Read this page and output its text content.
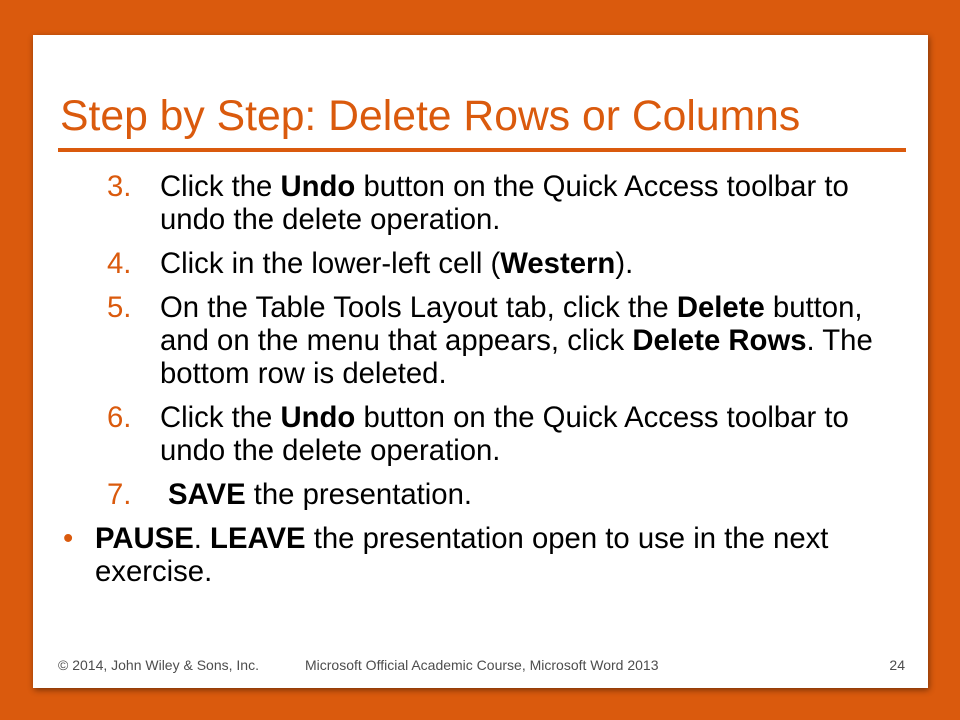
Step by Step: Delete Rows or Columns
3. Click the Undo button on the Quick Access toolbar to undo the delete operation.
4. Click in the lower-left cell (Western).
5. On the Table Tools Layout tab, click the Delete button, and on the menu that appears, click Delete Rows. The bottom row is deleted.
6. Click the Undo button on the Quick Access toolbar to undo the delete operation.
7.	SAVE the presentation.
• PAUSE. LEAVE the presentation open to use in the next exercise.
© 2014, John Wiley & Sons, Inc.	Microsoft Official Academic Course, Microsoft Word 2013	24
